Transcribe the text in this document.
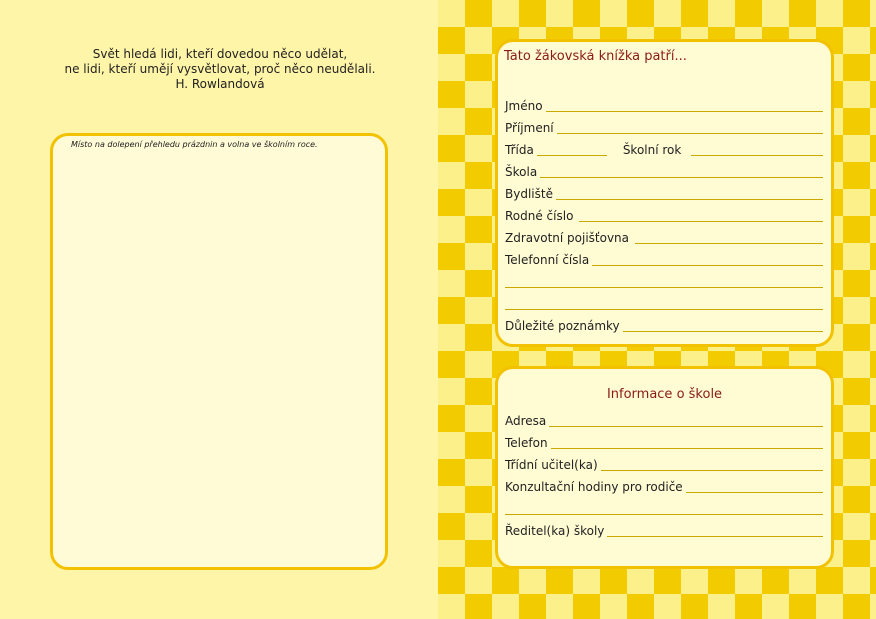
Svět hledá lidi, kteří dovedou něco udělat,
ne lidi, kteří umějí vysvětlovat, proč něco neudělali.
H. Rowlandová
Místo na dolepení přehledu prázdnin a volna ve školním roce.
Tato žákovská knížka patří...
Jméno
Příjmení
Třída	Školní rok
Škola
Bydliště
Rodné číslo
Zdravotní pojišťovna
Telefonní čísla
Důležité poznámky
Informace o škole
Adresa
Telefon
Třídní učitel(ka)
Konzultační hodiny pro rodiče
Ředitel(ka) školy
